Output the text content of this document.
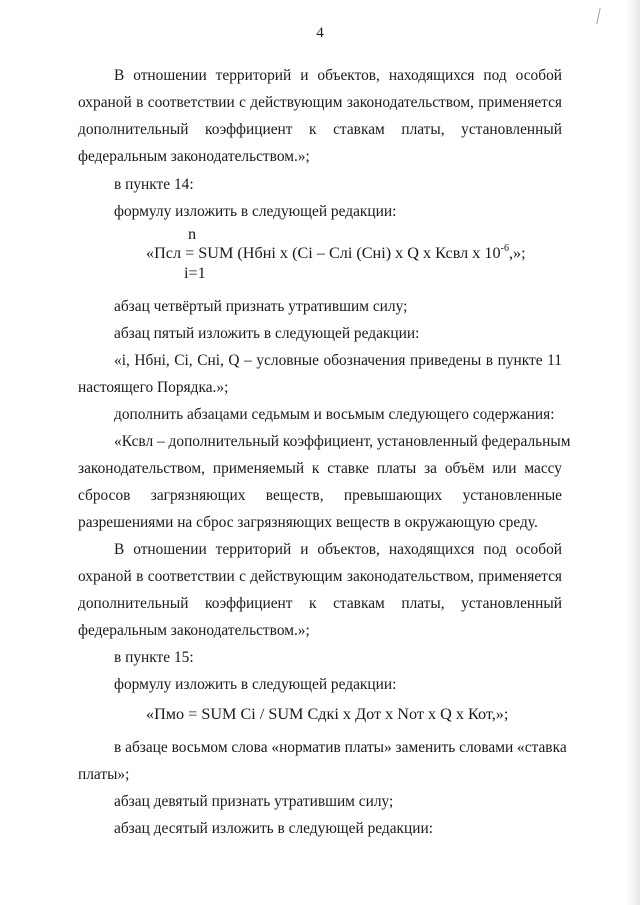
4
В отношении территорий и объектов, находящихся под особой
охраной в соответствии с действующим законодательством, применяется
дополнительный коэффициент к ставкам платы, установленный
федеральным законодательством.»;
в пункте 14:
формулу изложить в следующей редакции:
n
«Псл = SUM (Нбнi х (Сi – Cлi (Снi) х Q х Ксвл х $10^{-6}$,»;
i=1
абзац четвёртый признать утратившим силу;
абзац пятый изложить в следующей редакции:
«i, Нбнi, Сi, Снi, Q – условные обозначения приведены в пункте 11
настоящего Порядка.»;
дополнить абзацами седьмым и восьмым следующего содержания:
«Ксвл – дополнительный коэффициент, установленный федеральным
законодательством, применяемый к ставке платы за объём или массу
сбросов загрязняющих веществ, превышающих установленные
разрешениями на сброс загрязняющих веществ в окружающую среду.
В отношении территорий и объектов, находящихся под особой
охраной в соответствии с действующим законодательством, применяется
дополнительный коэффициент к ставкам платы, установленный
федеральным законодательством.»;
в пункте 15:
формулу изложить в следующей редакции:
«Пмо = SUM Сi / SUM Сдкi х Дот х Nот х Q х Кот,»;
в абзаце восьмом слова «норматив платы» заменить словами «ставка
платы»;
абзац девятый признать утратившим силу;
абзац десятый изложить в следующей редакции:
